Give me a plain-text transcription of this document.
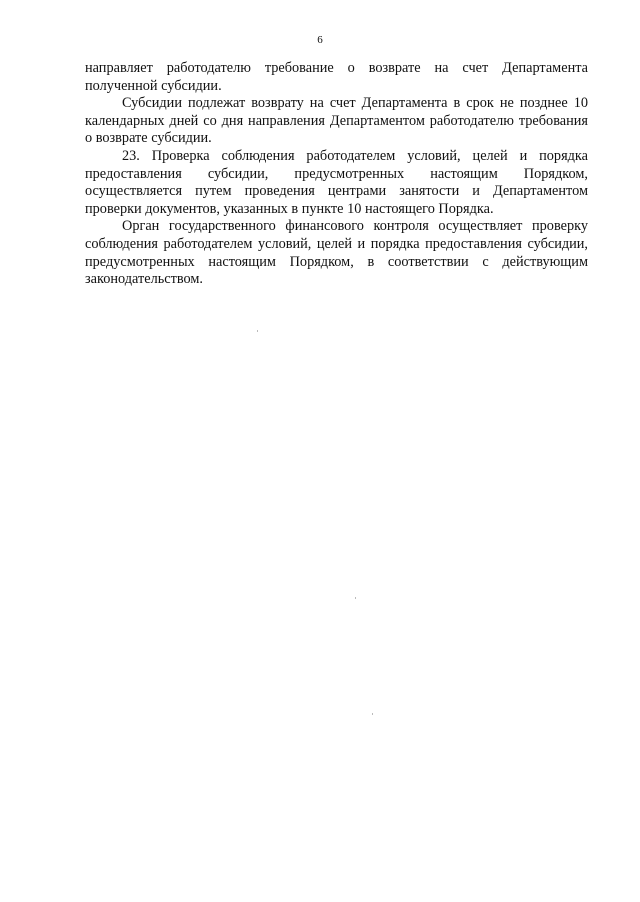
6

направляет работодателю требование о возврате на счет Департамента полученной субсидии.

Субсидии подлежат возврату на счет Департамента в срок не позднее 10 календарных дней со дня направления Департаментом работодателю требования о возврате субсидии.

23. Проверка соблюдения работодателем условий, целей и порядка предоставления субсидии, предусмотренных настоящим Порядком, осуществляется путем проведения центрами занятости и Департаментом проверки документов, указанных в пункте 10 настоящего Порядка.

Орган государственного финансового контроля осуществляет проверку соблюдения работодателем условий, целей и порядка предоставления субсидии, предусмотренных настоящим Порядком, в соответствии с действующим законодательством.
